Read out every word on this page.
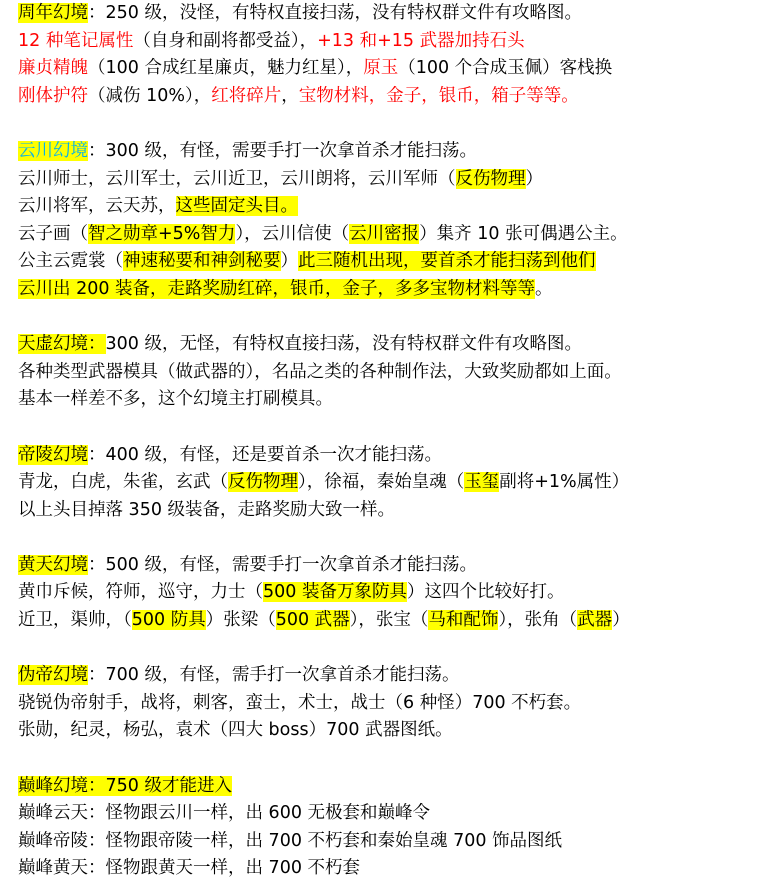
周年幻境：250 级，没怪，有特权直接扫荡，没有特权群文件有攻略图。
12 种笔记属性（自身和副将都受益），+13 和+15 武器加持石头
廉贞精魄（100 合成红星廉贞，魅力红星），原玉（100 个合成玉佩）客栈换
刚体护符（减伤 10%），红将碎片，宝物材料，金子，银币，箱子等等。
云川幻境：300 级，有怪，需要手打一次拿首杀才能扫荡。
云川师士，云川军士，云川近卫，云川朗将，云川军师（反伤物理）
云川将军，云天苏，这些固定头目。
云子画（智之勋章+5%智力），云川信使（云川密报）集齐 10 张可偶遇公主。
公主云霓裳（神速秘要和神剑秘要）此三随机出现，要首杀才能扫荡到他们
云川出 200 装备，走路奖励红碎，银币，金子，多多宝物材料等等。
天虚幻境：300 级，无怪，有特权直接扫荡，没有特权群文件有攻略图。
各种类型武器模具（做武器的），名品之类的各种制作法，大致奖励都如上面。
基本一样差不多，这个幻境主打刷模具。
帝陵幻境：400 级，有怪，还是要首杀一次才能扫荡。
青龙，白虎，朱雀，玄武（反伤物理），徐福，秦始皇魂（玉玺副将+1%属性）
以上头目掉落 350 级装备，走路奖励大致一样。
黄天幻境：500 级，有怪，需要手打一次拿首杀才能扫荡。
黄巾斥候，符师，巡守，力士（500 装备万象防具）这四个比较好打。
近卫，渠帅，（500 防具）张梁（500 武器），张宝（马和配饰），张角（武器）
伪帝幻境：700 级，有怪，需手打一次拿首杀才能扫荡。
骁锐伪帝射手，战将，刺客，蛮士，术士，战士（6 种怪）700 不朽套。
张勋，纪灵，杨弘，袁术（四大 boss）700 武器图纸。
巅峰幻境：750 级才能进入
巅峰云天：怪物跟云川一样，出 600 无极套和巅峰令
巅峰帝陵：怪物跟帝陵一样，出 700 不朽套和秦始皇魂 700 饰品图纸
巅峰黄天：怪物跟黄天一样，出 700 不朽套
